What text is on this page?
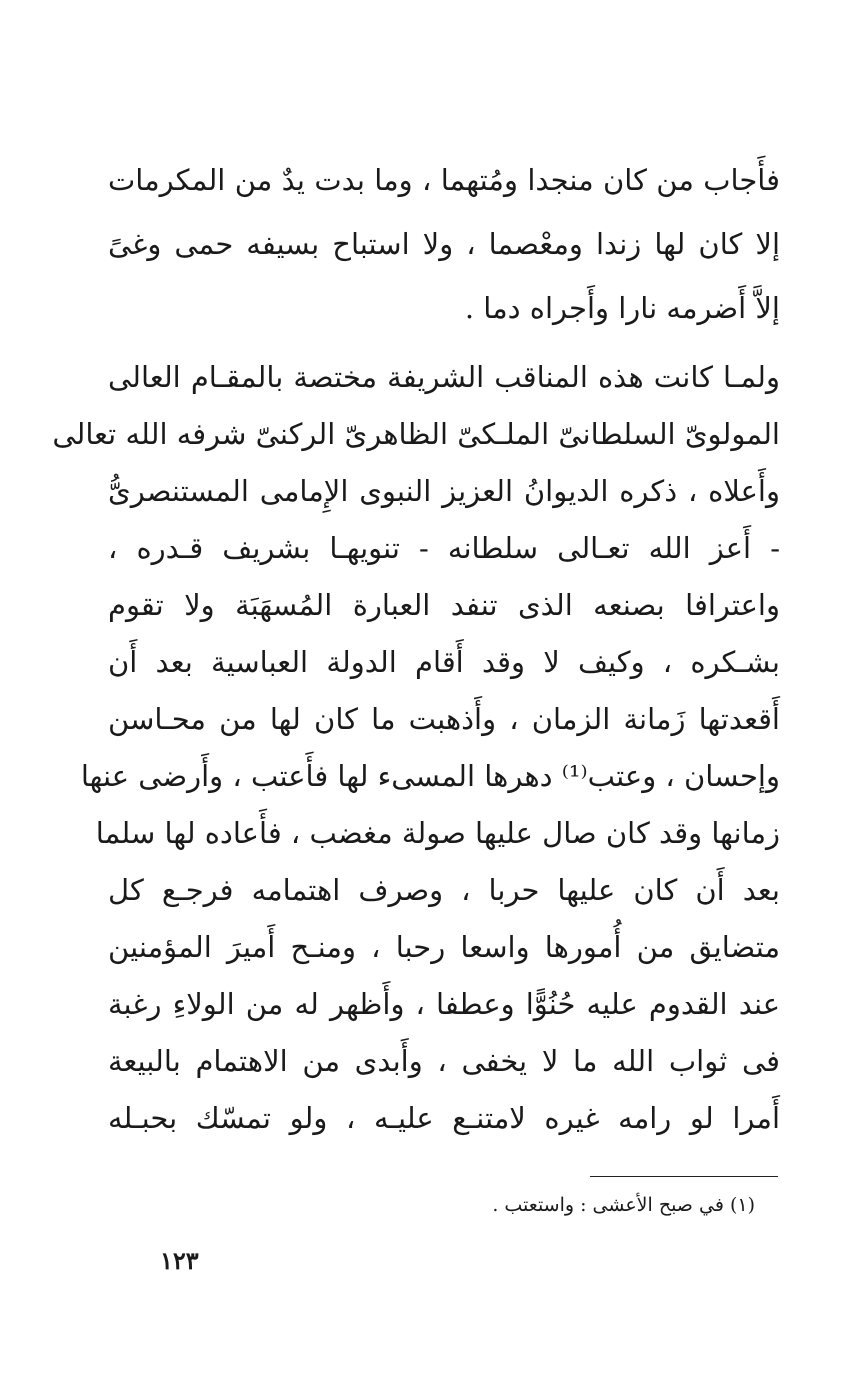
فأَجاب من كان منجدا ومُتهما ، وما بدت يدٌ من المكرمات
إلا كان لها زندا ومعْصما ، ولا استباح بسيفه حمى وغىً
إلاَّ أَضرمه نارا وأَجراه دما .
ولمـا كانت هذه المناقب الشريفة مختصة بالمقـام العالى
المولوىّ السلطانىّ الملـكىّ الظاهرىّ الركنىّ شرفه الله تعالى
وأَعلاه ، ذكره الديوانُ العزيز النبوى الإِمامى المستنصرىُّ
- أَعز الله تعـالى سلطانه - تنويهـا بشريف قـدره ،
واعترافا بصنعه الذى تنفد العبارة المُسهَبَة ولا تقوم
بشـكره ، وكيف لا وقد أَقام الدولة العباسية بعد أَن
أَقعدتها زَمانة الزمان ، وأَذهبت ما كان لها من محـاسن
وإحسان ، وعتب⁽¹⁾ دهرها المسىء لها فأَعتب ، وأَرضى عنها
زمانها وقد كان صال عليها صولة مغضب ، فأَعاده لها سلما
بعد أَن كان عليها حربا ، وصرف اهتمامه فرجـع كل
متضايق من أُمورها واسعا رحبا ، ومنـح أَميرَ المؤمنين
عند القدوم عليه حُنُوًّا وعطفا ، وأَظهر له من الولاءِ رغبة
فى ثواب الله ما لا يخفى ، وأَبدى من الاهتمام بالبيعة
أَمرا لو رامه غيره لامتنـع عليـه ، ولو تمسّك بحبـله
(١) في صبح الأعشى : واستعتب .
١٢٣
